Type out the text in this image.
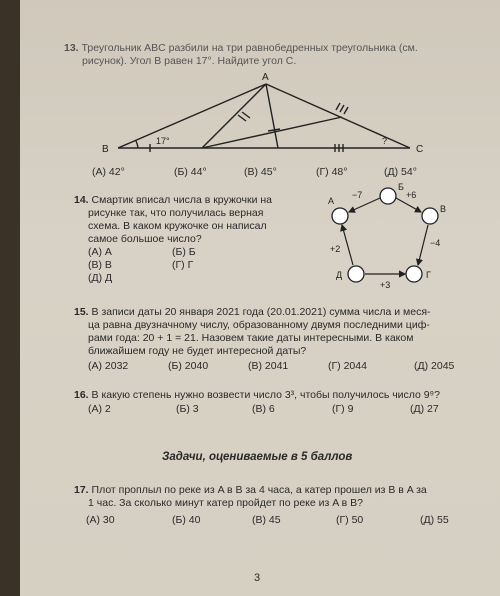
13. Треугольник ABC разбили на три равнобедренных треугольника (см.
рисунок). Угол B равен 17°. Найдите угол C.
A
B	C
17°	?
(А) 42°	(Б) 44°	(В) 45°	(Г) 48°	(Д) 54°
14. Смартик вписал числа в кружочки на
рисунке так, что получилась верная
схема. В каком кружочке он написал
самое большое число?
(А) А
(В) В
(Д) Д
(Б) Б
(Г) Г
−7	+6
−4
+3
+2
А
Б
В
Г
Д
15. В записи даты 20 января 2021 года (20.01.2021) сумма числа и меся-
ца равна двузначному числу, образованному двумя последними циф-
рами года: 20 + 1 = 21. Назовем такие даты интересными. В каком
ближайшем году не будет интересной даты?
(А) 2032	(Б) 2040	(В) 2041	(Г) 2044	(Д) 2045
16. В какую степень нужно возвести число 3³, чтобы получилось число 9⁹?
(А) 2	(Б) 3	(В) 6	(Г) 9	(Д) 27
Задачи, оцениваемые в 5 баллов
17. Плот проплыл по реке из A в B за 4 часа, а катер прошел из B в A за
1 час. За сколько минут катер пройдет по реке из A в B?
(А) 30	(Б) 40	(В) 45	(Г) 50	(Д) 55
3
